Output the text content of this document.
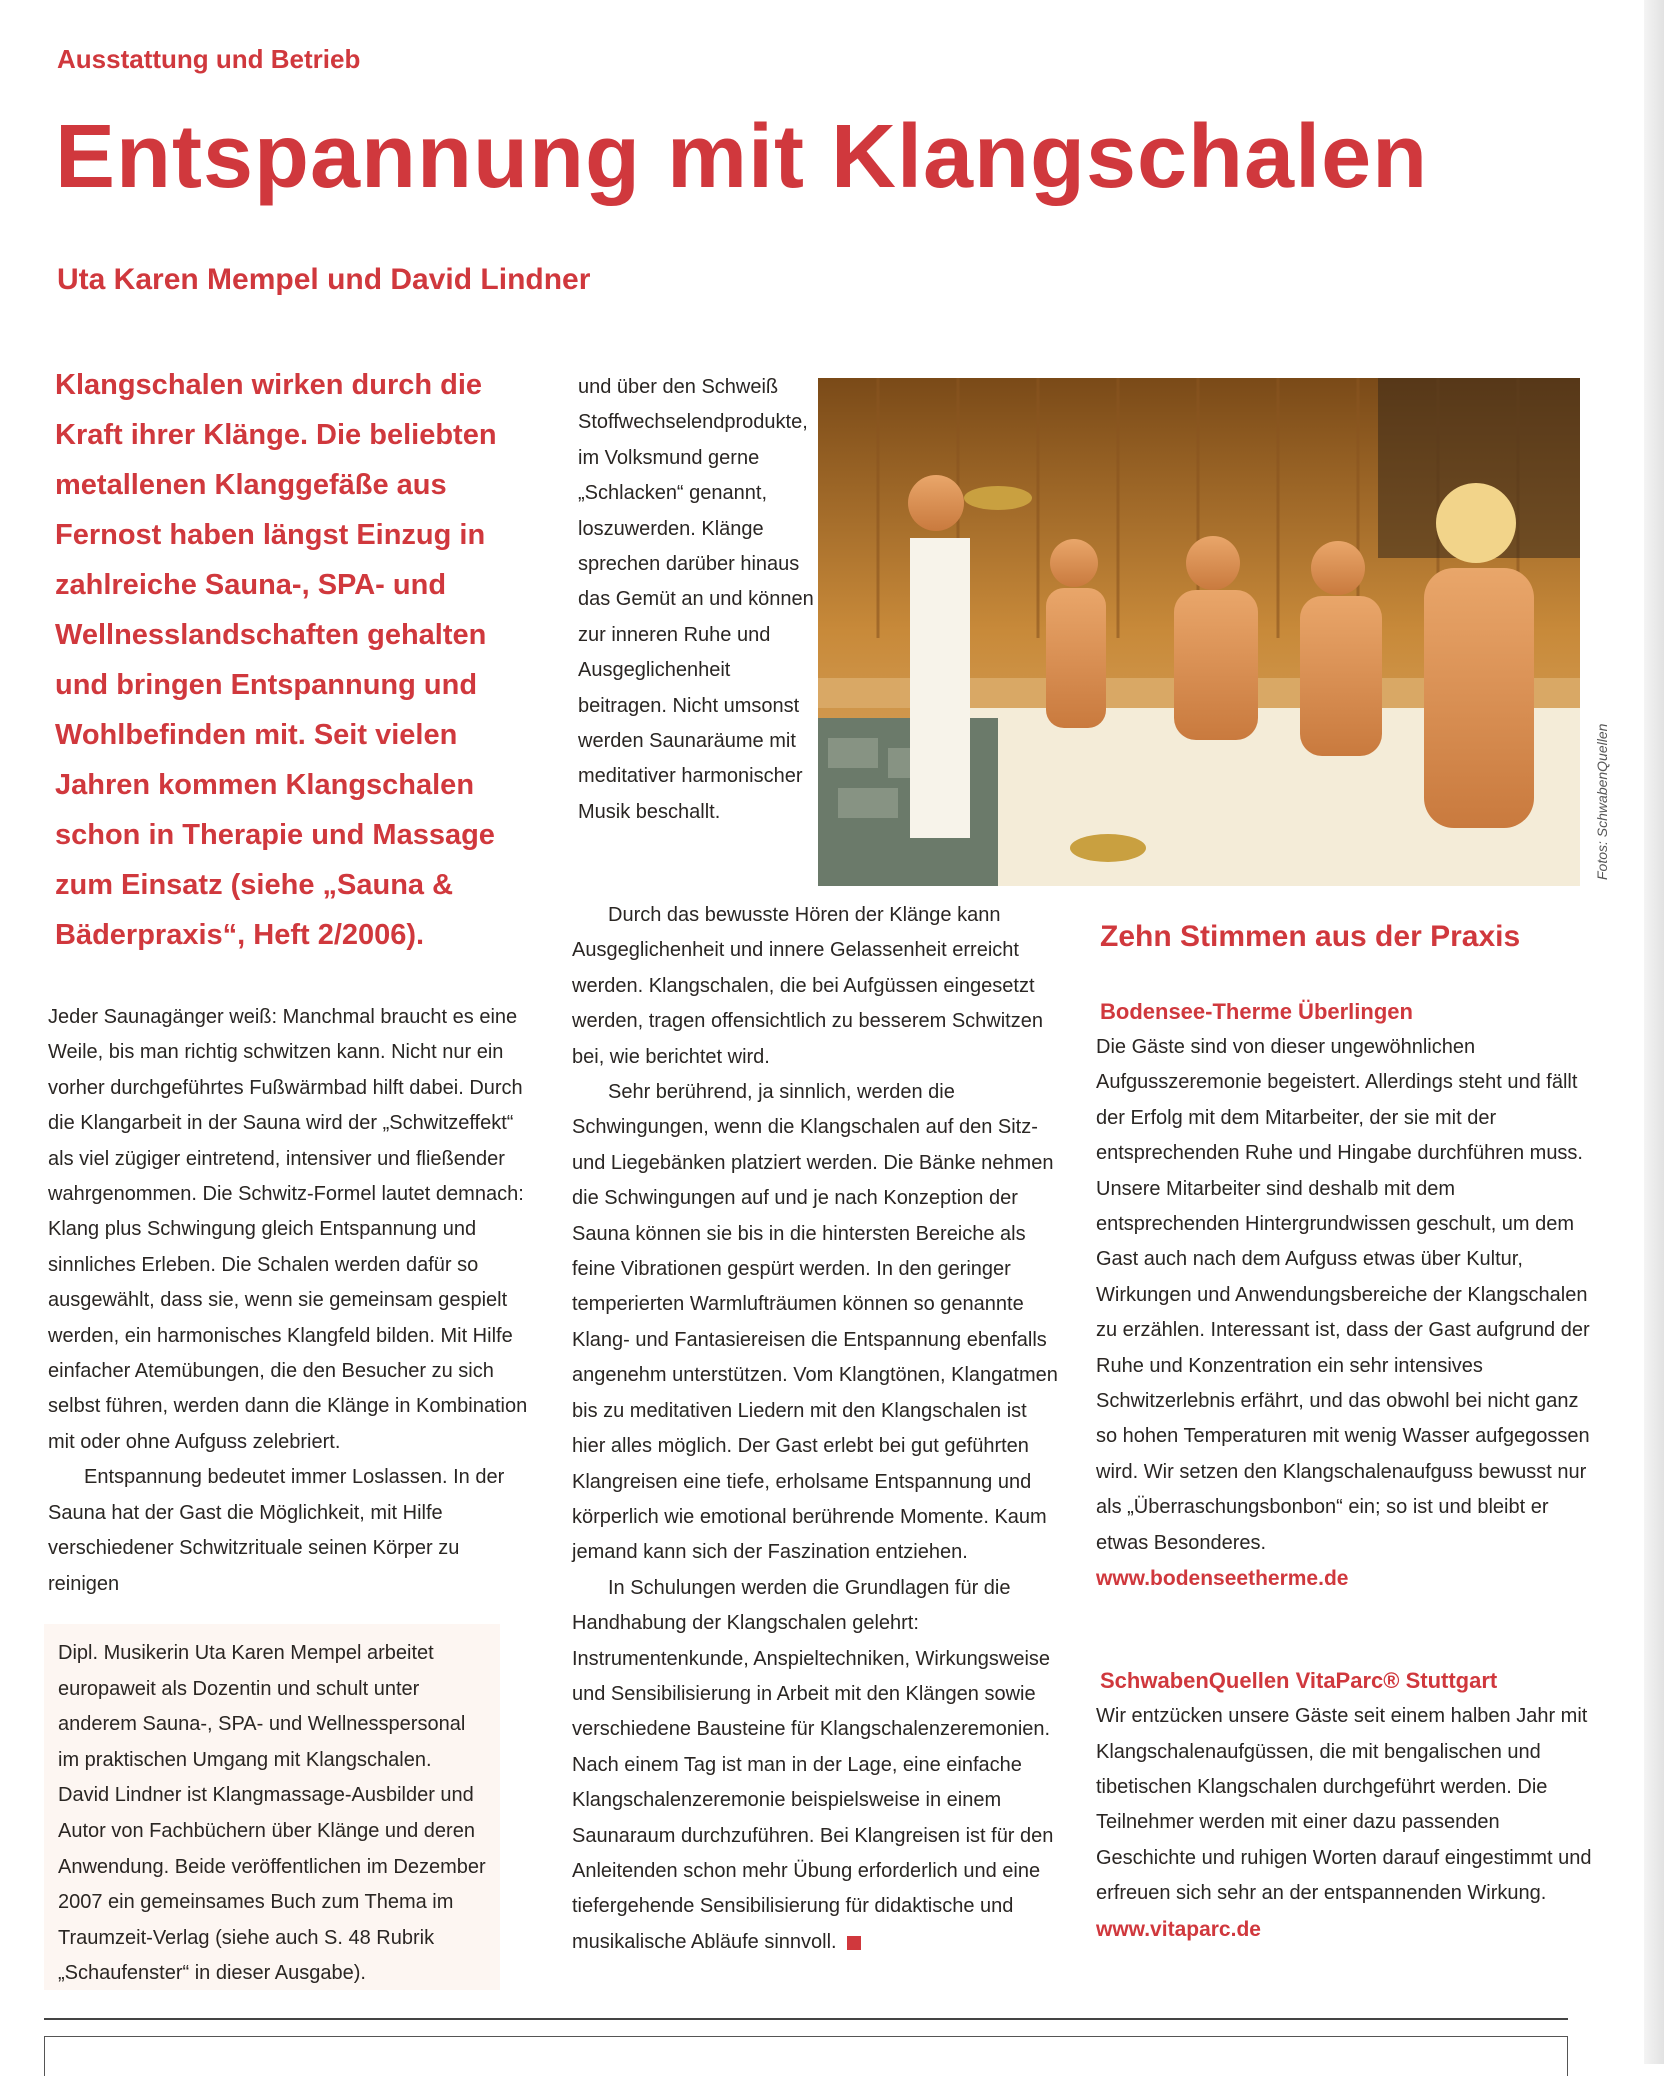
Ausstattung und Betrieb
Entspannung mit Klangschalen
Uta Karen Mempel und David Lindner
Klangschalen wirken durch die Kraft ihrer Klänge. Die beliebten metallenen Klanggefäße aus Fernost haben längst Einzug in zahlreiche Sauna-, SPA- und Wellnesslandschaften gehalten und bringen Entspannung und Wohlbefinden mit. Seit vielen Jahren kommen Klangschalen schon in Therapie und Massage zum Einsatz (siehe „Sauna & Bäderpraxis“, Heft 2/2006).

Jeder Saunagänger weiß: Manchmal braucht es eine Weile, bis man richtig schwitzen kann. Nicht nur ein vorher durchgeführtes Fußwärmbad hilft dabei. Durch die Klangarbeit in der Sauna wird der „Schwitzeffekt“ als viel zügiger eintretend, intensiver und fließender wahrgenommen. Die Schwitz-Formel lautet demnach: Klang plus Schwingung gleich Entspannung und sinnliches Erleben. Die Schalen werden dafür so ausgewählt, dass sie, wenn sie gemeinsam gespielt werden, ein harmonisches Klangfeld bilden. Mit Hilfe einfacher Atemübungen, die den Besucher zu sich selbst führen, werden dann die Klänge in Kombination mit oder ohne Aufguss zelebriert.

Entspannung bedeutet immer Loslassen. In der Sauna hat der Gast die Möglichkeit, mit Hilfe verschiedener Schwitzrituale seinen Körper zu reinigen

Dipl. Musikerin Uta Karen Mempel arbeitet europaweit als Dozentin und schult unter anderem Sauna-, SPA- und Wellnesspersonal im praktischen Umgang mit Klangschalen. David Lindner ist Klangmassage-Ausbilder und Autor von Fachbüchern über Klänge und deren Anwendung. Beide veröffentlichen im Dezember 2007 ein gemeinsames Buch zum Thema im Traumzeit-Verlag (siehe auch S. 48 Rubrik „Schaufenster“ in dieser Ausgabe).
und über den Schweiß Stoffwechselendprodukte, im Volksmund gerne „Schlacken“ genannt, loszuwerden. Klänge sprechen darüber hinaus das Gemüt an und können zur inneren Ruhe und Ausgeglichenheit beitragen. Nicht umsonst werden Saunaräume mit meditativer harmonischer Musik beschallt.	Fotos: SchwabenQuellen

Durch das bewusste Hören der Klänge kann Ausgeglichenheit und innere Gelassenheit erreicht werden. Klangschalen, die bei Aufgüssen eingesetzt werden, tragen offensichtlich zu besserem Schwitzen bei, wie berichtet wird.

Sehr berührend, ja sinnlich, werden die Schwingungen, wenn die Klangschalen auf den Sitz- und Liegebänken platziert werden. Die Bänke nehmen die Schwingungen auf und je nach Konzeption der Sauna können sie bis in die hintersten Bereiche als feine Vibrationen gespürt werden. In den geringer temperierten Warmlufträumen können so genannte Klang- und Fantasiereisen die Entspannung ebenfalls angenehm unterstützen. Vom Klangtönen, Klangatmen bis zu meditativen Liedern mit den Klangschalen ist hier alles möglich. Der Gast erlebt bei gut geführten Klangreisen eine tiefe, erholsame Entspannung und körperlich wie emotional berührende Momente. Kaum jemand kann sich der Faszination entziehen.

In Schulungen werden die Grundlagen für die Handhabung der Klangschalen gelehrt: Instrumentenkunde, Anspieltechniken, Wirkungsweise und Sensibilisierung in Arbeit mit den Klängen sowie verschiedene Bausteine für Klangschalenzeremonien. Nach einem Tag ist man in der Lage, eine einfache Klangschalenzeremonie beispielsweise in einem Saunaraum durchzuführen. Bei Klangreisen ist für den Anleitenden schon mehr Übung erforderlich und eine tiefergehende Sensibilisierung für didaktische und musikalische Abläufe sinnvoll.

Zehn Stimmen aus der Praxis
Bodensee-Therme Überlingen
Die Gäste sind von dieser ungewöhnlichen Aufgusszeremonie begeistert. Allerdings steht und fällt der Erfolg mit dem Mitarbeiter, der sie mit der entsprechenden Ruhe und Hingabe durchführen muss. Unsere Mitarbeiter sind deshalb mit dem entsprechenden Hintergrundwissen geschult, um dem Gast auch nach dem Aufguss etwas über Kultur, Wirkungen und Anwendungsbereiche der Klangschalen zu erzählen. Interessant ist, dass der Gast aufgrund der Ruhe und Konzentration ein sehr intensives Schwitzerlebnis erfährt, und das obwohl bei nicht ganz so hohen Temperaturen mit wenig Wasser aufgegossen wird. Wir setzen den Klangschalenaufguss bewusst nur als „Überraschungsbonbon“ ein; so ist und bleibt er etwas Besonderes.
www.bodenseetherme.de
SchwabenQuellen VitaParc® Stuttgart
Wir entzücken unsere Gäste seit einem halben Jahr mit Klangschalenaufgüssen, die mit bengalischen und tibetischen Klangschalen durchgeführt werden. Die Teilnehmer werden mit einer dazu passenden Geschichte und ruhigen Worten darauf eingestimmt und erfreuen sich sehr an der entspannenden Wirkung.
www.vitaparc.de
